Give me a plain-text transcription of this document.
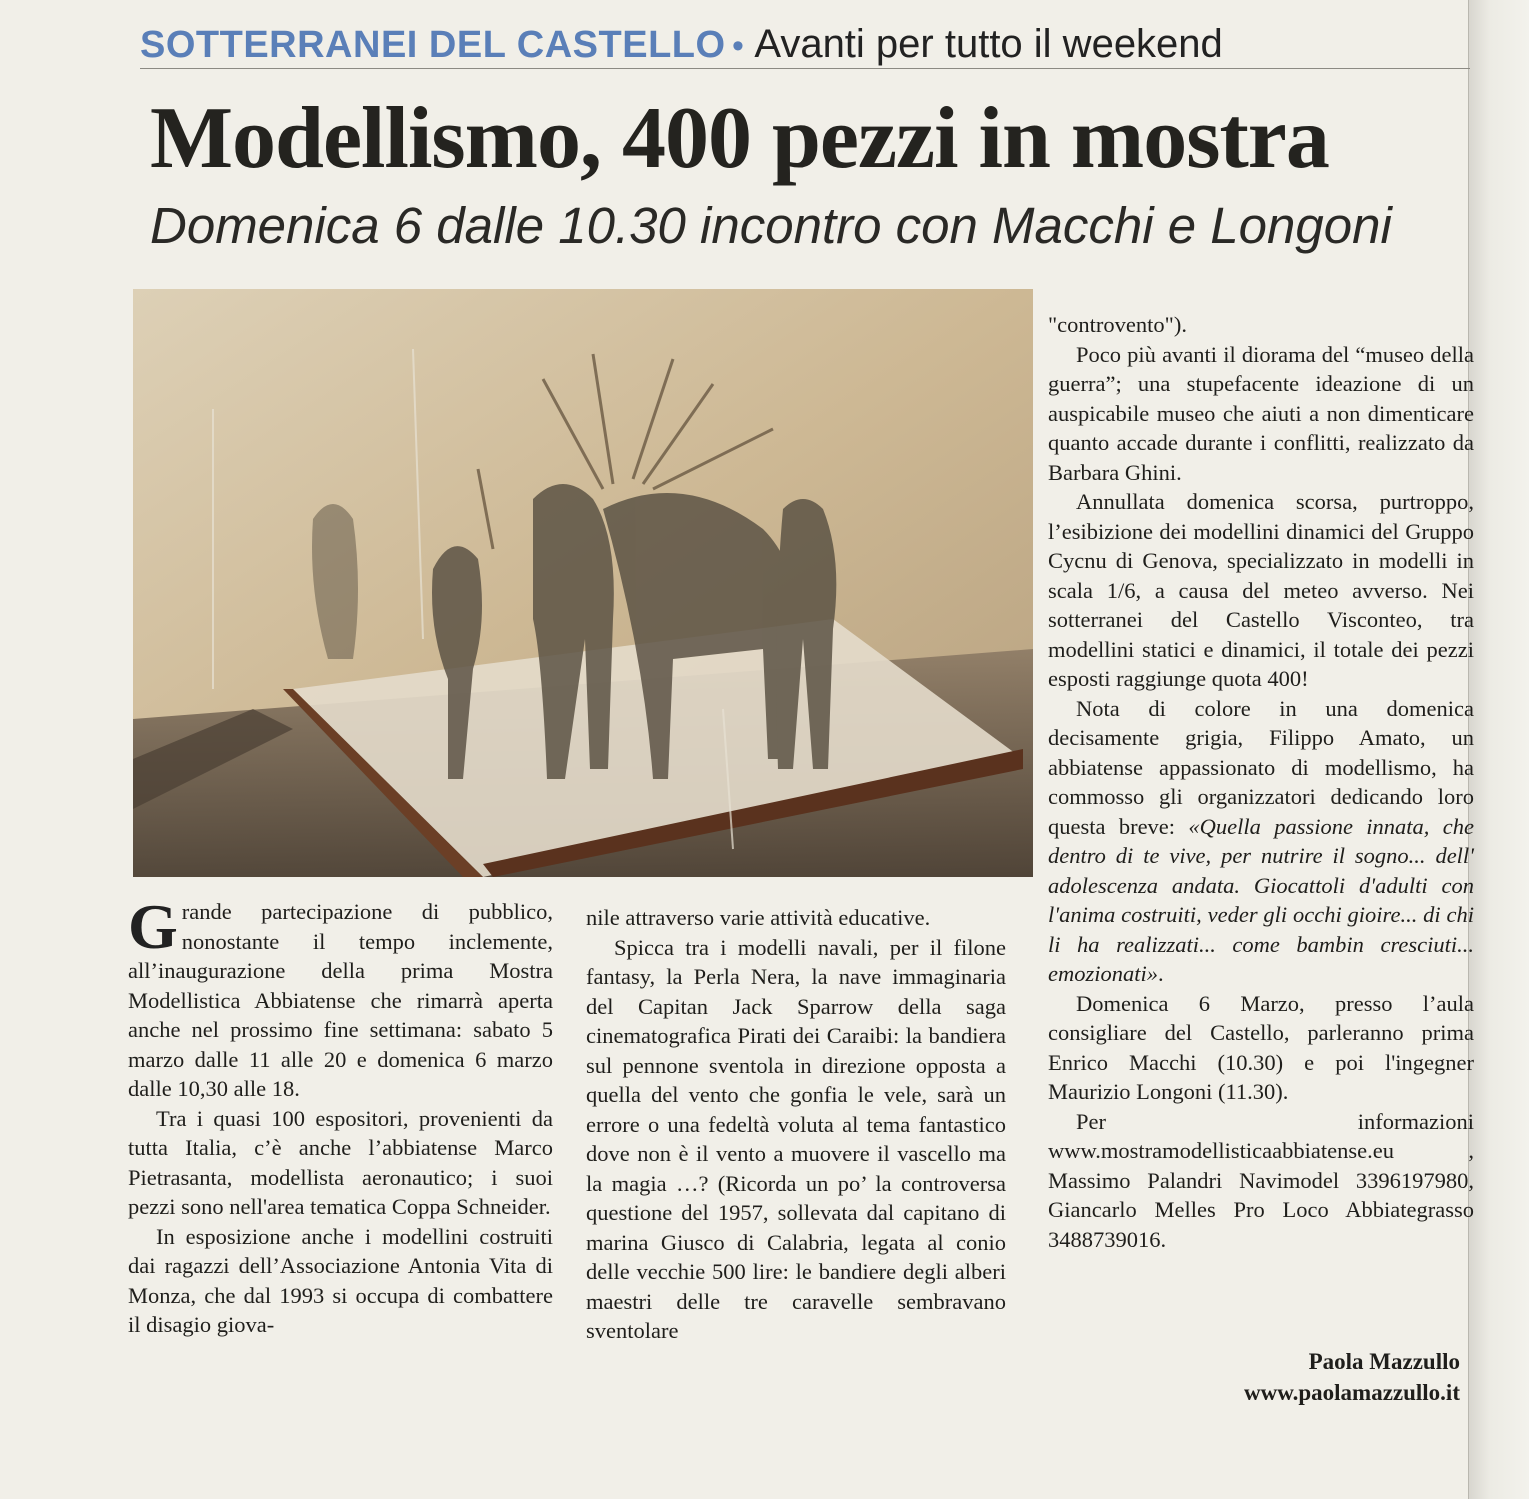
SOTTERRANEI DEL CASTELLO • Avanti per tutto il weekend
Modellismo, 400 pezzi in mostra
Domenica 6 dalle 10.30 incontro con Macchi e Longoni

Grande partecipazione di pubblico, nonostante il tempo inclemente, all’inaugurazione della prima Mostra Modellistica Abbiatense che rimarrà aperta anche nel prossimo fine settimana: sabato 5 marzo dalle 11 alle 20 e domenica 6 marzo dalle 10,30 alle 18.

Tra i quasi 100 espositori, provenienti da tutta Italia, c’è anche l’abbiatense Marco Pietrasanta, modellista aeronautico; i suoi pezzi sono nell'area tematica Coppa Schneider.

In esposizione anche i modellini costruiti dai ragazzi dell’Associazione Antonia Vita di Monza, che dal 1993 si occupa di combattere il disagio giova-

nile attraverso varie attività educative.

Spicca tra i modelli navali, per il filone fantasy, la Perla Nera, la nave immaginaria del Capitan Jack Sparrow della saga cinematografica Pirati dei Caraibi: la bandiera sul pennone sventola in direzione opposta a quella del vento che gonfia le vele, sarà un errore o una fedeltà voluta al tema fantastico dove non è il vento a muovere il vascello ma la magia …? (Ricorda un po’ la controversa questione del 1957, sollevata dal capitano di marina Giusco di Calabria, legata al conio delle vecchie 500 lire: le bandiere degli alberi maestri delle tre caravelle sembravano sventolare

"controvento").

Poco più avanti il diorama del “museo della guerra”; una stupefacente ideazione di un auspicabile museo che aiuti a non dimenticare quanto accade durante i conflitti, realizzato da Barbara Ghini.

Annullata domenica scorsa, purtroppo, l’esibizione dei modellini dinamici del Gruppo Cycnu di Genova, specializzato in modelli in scala 1/6, a causa del meteo avverso. Nei sotterranei del Castello Visconteo, tra modellini statici e dinamici, il totale dei pezzi esposti raggiunge quota 400!

Nota di colore in una domenica decisamente grigia, Filippo Amato, un abbiatense appassionato di modellismo, ha commosso gli organizzatori dedicando loro questa breve: «Quella passione innata, che dentro di te vive, per nutrire il sogno... dell' adolescenza andata. Giocattoli d'adulti con l'anima costruiti, veder gli occhi gioire... di chi li ha realizzati... come bambin cresciuti... emozionati».

Domenica 6 Marzo, presso l’aula consigliare del Castello, parleranno prima Enrico Macchi (10.30) e poi l'ingegner Maurizio Longoni (11.30).

Per informazioni www.mostramodellisticaabbiatense.eu , Massimo Palandri Navimodel 3396197980, Giancarlo Melles Pro Loco Abbiategrasso 3488739016.

Paola Mazzullo
www.paolamazzullo.it
